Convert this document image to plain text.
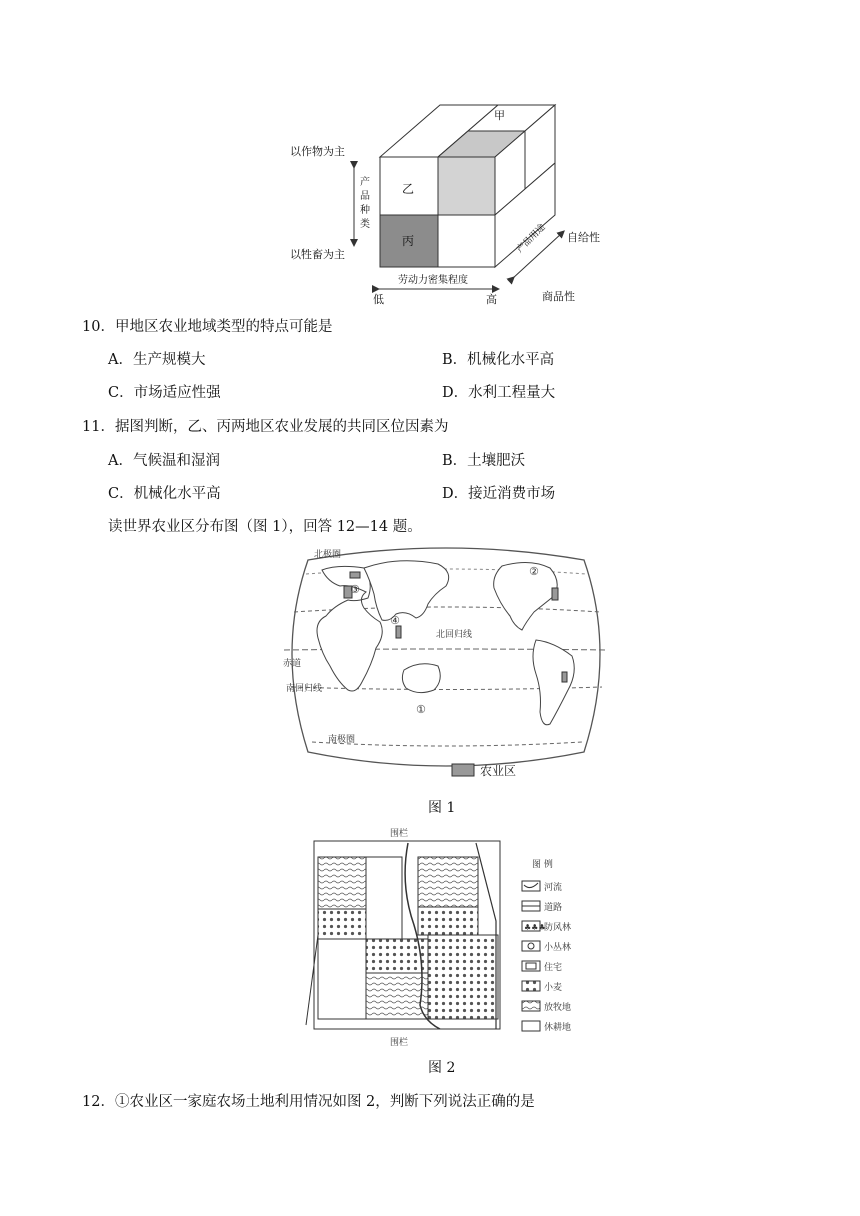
甲
乙
丙
以作物为主
以牲畜为主
产
品
种
类
劳动力密集程度
低	高
产品用途
自给性
商品性
10．甲地区农业地域类型的特点可能是
A．生产规模大	B．机械化水平高
C．市场适应性强	D．水利工程量大
11．据图判断，乙、丙两地区农业发展的共同区位因素为
A．气候温和湿润	B．土壤肥沃
C．机械化水平高	D．接近消费市场
读世界农业区分布图（图 1），回答 12—14 题。
①
②
③
④
北回归线
赤道
南回归线
南极圈
北极圈
农业区
图 1
围栏
围栏
图 例
河流
道路
♣♣♣
防风林
小丛林
住宅
小麦
放牧地
休耕地
图 2
12．①农业区一家庭农场土地利用情况如图 2，判断下列说法正确的是
